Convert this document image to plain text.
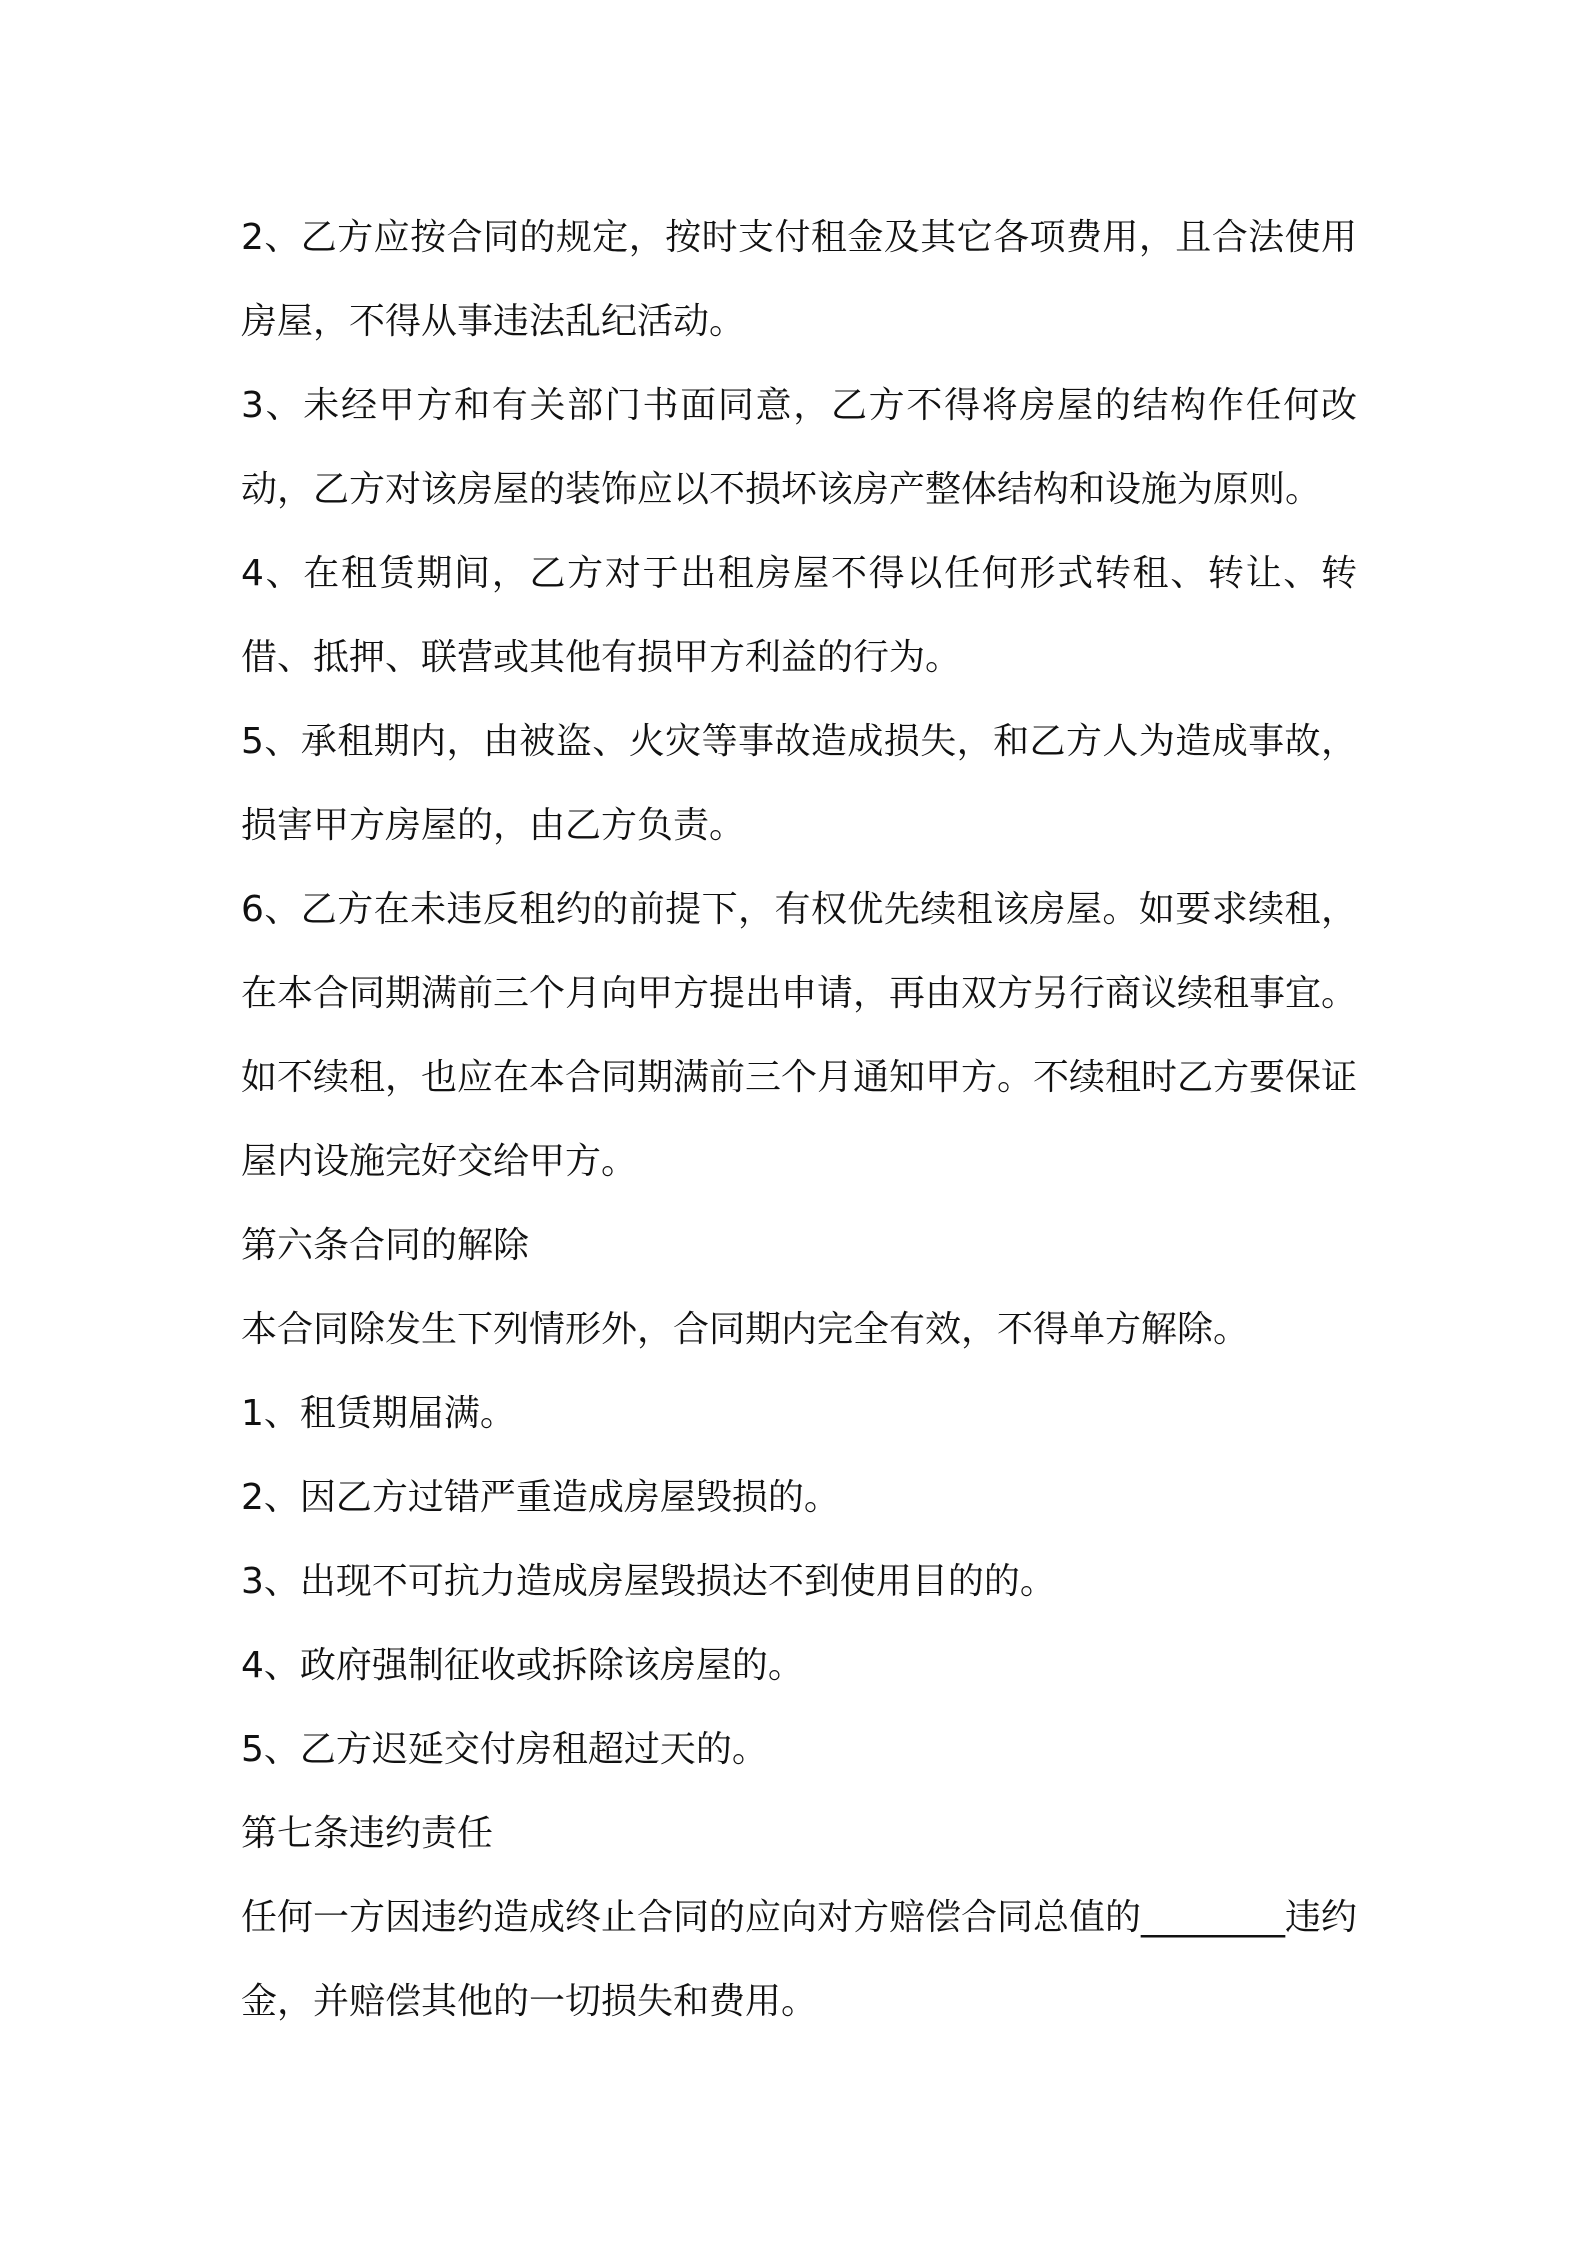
2、乙方应按合同的规定，按时支付租金及其它各项费用，且合法使用房屋，不得从事违法乱纪活动。

3、未经甲方和有关部门书面同意，乙方不得将房屋的结构作任何改动，乙方对该房屋的装饰应以不损坏该房产整体结构和设施为原则。

4、在租赁期间，乙方对于出租房屋不得以任何形式转租、转让、转借、抵押、联营或其他有损甲方利益的行为。

5、承租期内，由被盗、火灾等事故造成损失，和乙方人为造成事故，损害甲方房屋的，由乙方负责。

6、乙方在未违反租约的前提下，有权优先续租该房屋。如要求续租，在本合同期满前三个月向甲方提出申请，再由双方另行商议续租事宜。如不续租，也应在本合同期满前三个月通知甲方。不续租时乙方要保证屋内设施完好交给甲方。

第六条合同的解除

本合同除发生下列情形外，合同期内完全有效，不得单方解除。

1、租赁期届满。

2、因乙方过错严重造成房屋毁损的。

3、出现不可抗力造成房屋毁损达不到使用目的的。

4、政府强制征收或拆除该房屋的。

5、乙方迟延交付房租超过天的。

第七条违约责任

任何一方因违约造成终止合同的应向对方赔偿合同总值的________违约金，并赔偿其他的一切损失和费用。
